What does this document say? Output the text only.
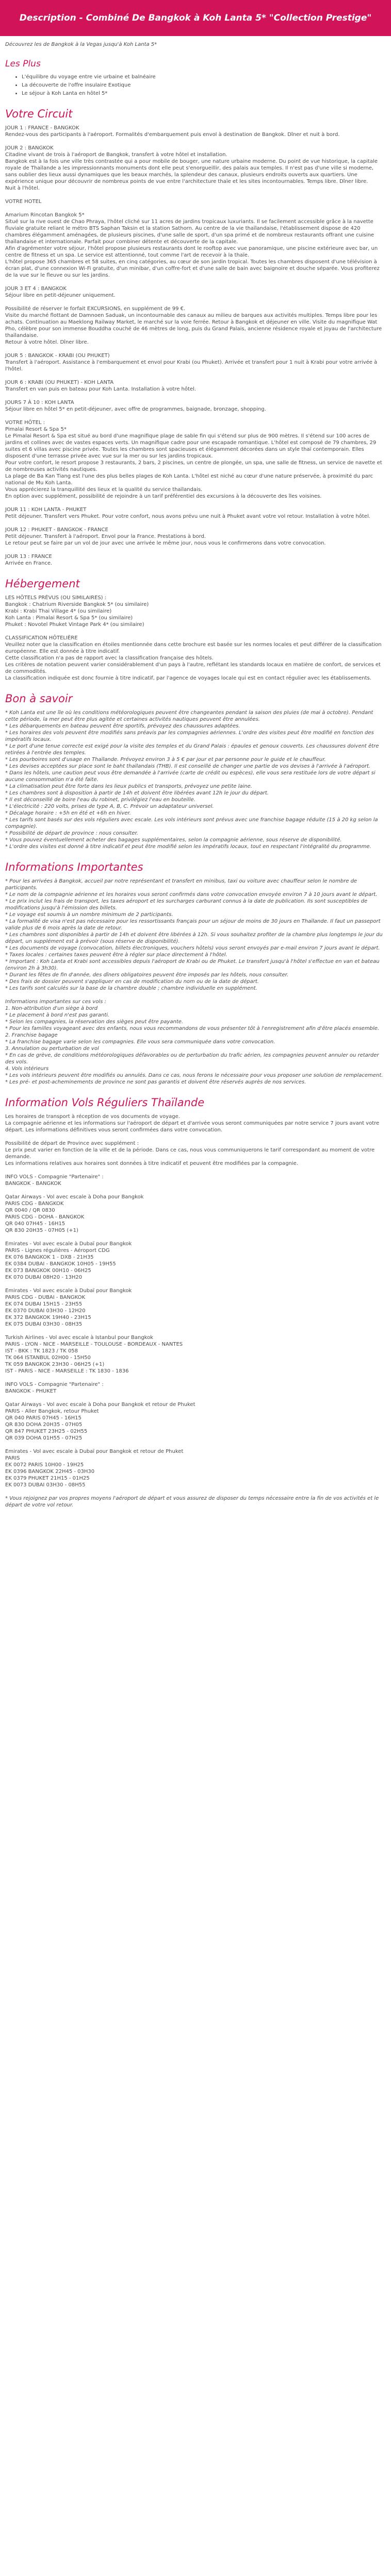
Description - Combiné De Bangkok à Koh Lanta 5* "Collection Prestige"

Découvrez les de Bangkok à la Vegas jusqu'à Koh Lanta 5*

Les Plus
• L'équilibre du voyage entre vie urbaine et balnéaire
• La découverte de l'offre insulaire Exotique
• Le séjour à Koh Lanta en hôtel 5*
Votre Circuit

JOUR 1 : FRANCE - BANGKOK
Rendez-vous des participants à l'aéroport. Formalités d'embarquement puis envol à destination de Bangkok. Dîner et nuit à bord.

JOUR 2 : BANGKOK
Citadine vivant de trois à l'aéroport de Bangkok, transfert à votre hôtel et installation.
Bangkok est à la fois une ville très contrastée qui a pour mobile de bouger, une nature urbaine moderne. Du point de vue historique, la capitale royale de Thaïlande a les impressionnants monuments dont elle peut s'enorgueillir, des palais aux temples. Il n'est pas d'une ville si moderne, sans oublier des lieux aussi dynamiques que les beaux marchés, la splendeur des canaux, plusieurs endroits ouverts aux quartiers. Une expérience unique pour découvrir de nombreux points de vue entre l'architecture thaïe et les sites incontournables. Temps libre. Dîner libre.
Nuit à l'hôtel.

VOTRE HOTEL

Amarium Rincotan Bangkok 5*
Situé sur la rive ouest de Chao Phraya, l'hôtel cliché sur 11 acres de jardins tropicaux luxuriants. Il se facilement accessible grâce à la navette fluviale gratuite reliant le métro BTS Saphan Taksin et la station Sathorn. Au centre de la vie thaïlandaise, l'établissement dispose de 420 chambres élégamment aménagées, de plusieurs piscines, d'une salle de sport, d'un spa primé et de nombreux restaurants offrant une cuisine thaïlandaise et internationale. Parfait pour combiner détente et découverte de la capitale.
Afin d'agrémenter votre séjour, l'hôtel propose plusieurs restaurants dont le rooftop avec vue panoramique, une piscine extérieure avec bar, un centre de fitness et un spa. Le service est attentionné, tout comme l'art de recevoir à la thaïe.
L'hôtel propose 365 chambres et 58 suites, en cinq catégories, au cœur de son jardin tropical. Toutes les chambres disposent d'une télévision à écran plat, d'une connexion Wi-Fi gratuite, d'un minibar, d'un coffre-fort et d'une salle de bain avec baignoire et douche séparée. Vous profiterez de la vue sur le fleuve ou sur les jardins.

JOUR 3 ET 4 : BANGKOK
Séjour libre en petit-déjeuner uniquement.

Possibilité de réserver le forfait EXCURSIONS, en supplément de 99 €.
Visite du marché flottant de Damnoen Saduak, un incontournable des canaux au milieu de barques aux activités multiples. Temps libre pour les achats. Continuation au Maeklong Railway Market, le marché sur la voie ferrée. Retour à Bangkok et déjeuner en ville. Visite du magnifique Wat Pho, célèbre pour son immense Bouddha couché de 46 mètres de long, puis du Grand Palais, ancienne résidence royale et joyau de l'architecture thaïlandaise.
Retour à votre hôtel. Dîner libre.

JOUR 5 : BANGKOK - KRABI (OU PHUKET)
Transfert à l'aéroport. Assistance à l'embarquement et envol pour Krabi (ou Phuket). Arrivée et transfert pour 1 nuit à Krabi pour votre arrivée à l'hôtel.

JOUR 6 : KRABI (OU PHUKET) - KOH LANTA
Transfert en van puis en bateau pour Koh Lanta. Installation à votre hôtel.

JOURS 7 À 10 : KOH LANTA
Séjour libre en hôtel 5* en petit-déjeuner, avec offre de programmes, baignade, bronzage, shopping.

VOTRE HÔTEL :
Pimalai Resort & Spa 5*
Le Pimalai Resort & Spa est situé au bord d'une magnifique plage de sable fin qui s'étend sur plus de 900 mètres. Il s'étend sur 100 acres de jardins et collines avec de vastes espaces verts. Un magnifique cadre pour une escapade romantique. L'hôtel est composé de 79 chambres, 29 suites et 6 villas avec piscine privée. Toutes les chambres sont spacieuses et élégamment décorées dans un style thaï contemporain. Elles disposent d'une terrasse privée avec vue sur la mer ou sur les jardins tropicaux.
Pour votre confort, le resort propose 3 restaurants, 2 bars, 2 piscines, un centre de plongée, un spa, une salle de fitness, un service de navette et de nombreuses activités nautiques.
La plage de Ba Kan Tiang est l'une des plus belles plages de Koh Lanta. L'hôtel est niché au cœur d'une nature préservée, à proximité du parc national de Mu Koh Lanta.
Vous apprécierez la tranquillité des lieux et la qualité du service thaïlandais.
En option avec supplément, possibilité de rejoindre à un tarif préférentiel des excursions à la découverte des îles voisines.

JOUR 11 : KOH LANTA - PHUKET
Petit déjeuner. Transfert vers Phuket. Pour votre confort, nous avons prévu une nuit à Phuket avant votre vol retour. Installation à votre hôtel.

JOUR 12 : PHUKET - BANGKOK - FRANCE
Petit déjeuner. Transfert à l'aéroport. Envol pour la France. Prestations à bord.
Le retour peut se faire par un vol de jour avec une arrivée le même jour, nous vous le confirmerons dans votre convocation.

JOUR 13 : FRANCE
Arrivée en France.

Hébergement

LES HÔTELS PRÉVUS (OU SIMILAIRES) :
Bangkok : Chatrium Riverside Bangkok 5* (ou similaire)
Krabi : Krabi Thai Village 4* (ou similaire)
Koh Lanta : Pimalai Resort & Spa 5* (ou similaire)
Phuket : Novotel Phuket Vintage Park 4* (ou similaire)

CLASSIFICATION HÔTELIÈRE
Veuillez noter que la classification en étoiles mentionnée dans cette brochure est basée sur les normes locales et peut différer de la classification européenne. Elle est donnée à titre indicatif.
Cette classification n'a pas de rapport avec la classification française des hôtels.
Les critères de notation peuvent varier considérablement d'un pays à l'autre, reflétant les standards locaux en matière de confort, de services et de commodités.
La classification indiquée est donc fournie à titre indicatif, par l'agence de voyages locale qui est en contact régulier avec les établissements.

Bon à savoir

* Koh Lanta est une île où les conditions météorologiques peuvent être changeantes pendant la saison des pluies (de mai à octobre). Pendant cette période, la mer peut être plus agitée et certaines activités nautiques peuvent être annulées.
* Les débarquements en bateau peuvent être sportifs, prévoyez des chaussures adaptées.
* Les horaires des vols peuvent être modifiés sans préavis par les compagnies aériennes. L'ordre des visites peut être modifié en fonction des impératifs locaux.
* Le port d'une tenue correcte est exigé pour la visite des temples et du Grand Palais : épaules et genoux couverts. Les chaussures doivent être retirées à l'entrée des temples.
* Les pourboires sont d'usage en Thaïlande. Prévoyez environ 3 à 5 € par jour et par personne pour le guide et le chauffeur.
* Les devises acceptées sur place sont le baht thaïlandais (THB). Il est conseillé de changer une partie de vos devises à l'arrivée à l'aéroport.
* Dans les hôtels, une caution peut vous être demandée à l'arrivée (carte de crédit ou espèces), elle vous sera restituée lors de votre départ si aucune consommation n'a été faite.
* La climatisation peut être forte dans les lieux publics et transports, prévoyez une petite laine.
* Les chambres sont à disposition à partir de 14h et doivent être libérées avant 12h le jour du départ.
* Il est déconseillé de boire l'eau du robinet, privilégiez l'eau en bouteille.
* L'électricité : 220 volts, prises de type A, B, C. Prévoir un adaptateur universel.
* Décalage horaire : +5h en été et +6h en hiver.
* Les tarifs sont basés sur des vols réguliers avec escale. Les vols intérieurs sont prévus avec une franchise bagage réduite (15 à 20 kg selon la compagnie).
* Possibilité de départ de province : nous consulter.
* Vous pouvez éventuellement acheter des bagages supplémentaires, selon la compagnie aérienne, sous réserve de disponibilité.
* L'ordre des visites est donné à titre indicatif et peut être modifié selon les impératifs locaux, tout en respectant l'intégralité du programme.

Informations Importantes

* Pour les arrivées à Bangkok, accueil par notre représentant et transfert en minibus, taxi ou voiture avec chauffeur selon le nombre de participants.
* Le nom de la compagnie aérienne et les horaires vous seront confirmés dans votre convocation envoyée environ 7 à 10 jours avant le départ.
* Le prix inclut les frais de transport, les taxes aéroport et les surcharges carburant connus à la date de publication. Ils sont susceptibles de modifications jusqu'à l'émission des billets.
* Le voyage est soumis à un nombre minimum de 2 participants.
* La formalité de visa n'est pas nécessaire pour les ressortissants français pour un séjour de moins de 30 jours en Thaïlande. Il faut un passeport valide plus de 6 mois après la date de retour.
* Les chambres sont disponibles à partir de 14h et doivent être libérées à 12h. Si vous souhaitez profiter de la chambre plus longtemps le jour du départ, un supplément est à prévoir (sous réserve de disponibilité).
* Les documents de voyage (convocation, billets électroniques, vouchers hôtels) vous seront envoyés par e-mail environ 7 jours avant le départ.
* Taxes locales : certaines taxes peuvent être à régler sur place directement à l'hôtel.
* Important : Koh Lanta et Krabi sont accessibles depuis l'aéroport de Krabi ou de Phuket. Le transfert jusqu'à l'hôtel s'effectue en van et bateau (environ 2h à 3h30).
* Durant les fêtes de fin d'année, des dîners obligatoires peuvent être imposés par les hôtels, nous consulter.
* Des frais de dossier peuvent s'appliquer en cas de modification du nom ou de la date de départ.
* Les tarifs sont calculés sur la base de la chambre double ; chambre individuelle en supplément.

Informations importantes sur ces vols :
1. Non-attribution d'un siège à bord
* Le placement à bord n'est pas garanti.
* Selon les compagnies, la réservation des sièges peut être payante.
* Pour les familles voyageant avec des enfants, nous vous recommandons de vous présenter tôt à l'enregistrement afin d'être placés ensemble.
2. Franchise bagage
* La franchise bagage varie selon les compagnies. Elle vous sera communiquée dans votre convocation.
3. Annulation ou perturbation de vol
* En cas de grève, de conditions météorologiques défavorables ou de perturbation du trafic aérien, les compagnies peuvent annuler ou retarder des vols.
4. Vols intérieurs
* Les vols intérieurs peuvent être modifiés ou annulés. Dans ce cas, nous ferons le nécessaire pour vous proposer une solution de remplacement.
* Les pré- et post-acheminements de province ne sont pas garantis et doivent être réservés auprès de nos services.

Information Vols Réguliers Thaïlande

Les horaires de transport à réception de vos documents de voyage.
La compagnie aérienne et les informations sur l'aéroport de départ et d'arrivée vous seront communiquées par notre service 7 jours avant votre départ. Les informations définitives vous seront confirmées dans votre convocation.

Possibilité de départ de Province avec supplément :
Le prix peut varier en fonction de la ville et de la période. Dans ce cas, nous vous communiquerons le tarif correspondant au moment de votre demande.
Les informations relatives aux horaires sont données à titre indicatif et peuvent être modifiées par la compagnie.

INFO VOLS - Compagnie "Partenaire" :
BANGKOK - BANGKOK

Qatar Airways - Vol avec escale à Doha pour Bangkok
PARIS CDG - BANGKOK
QR 0040 / QR 0830
PARIS CDG - DOHA - BANGKOK
QR 040 07H45 - 16H15
QR 830 20H35 - 07H05 (+1)

Emirates - Vol avec escale à Dubaï pour Bangkok
PARIS - Lignes régulières - Aéroport CDG
EK 076 BANGKOK 1 - DXB - 21H35
EK 0384 DUBAI - BANGKOK 10H05 - 19H55
EK 073 BANGKOK 00H10 - 06H25
EK 070 DUBAI 08H20 - 13H20

Emirates - Vol avec escale à Dubaï pour Bangkok
PARIS CDG - DUBAI - BANGKOK
EK 074 DUBAI 15H15 - 23H55
EK 0370 DUBAI 03H30 - 12H20
EK 372 BANGKOK 19H40 - 23H15
EK 075 DUBAI 03H30 - 08H35

Turkish Airlines - Vol avec escale à Istanbul pour Bangkok
PARIS - LYON - NICE - MARSEILLE - TOULOUSE - BORDEAUX - NANTES
IST - BKK : TK 1823 / TK 058
TK 064 ISTANBUL 02H00 - 15H50
TK 059 BANGKOK 23H30 - 06H25 (+1)
IST - PARIS - NICE - MARSEILLE : TK 1830 - 1836

INFO VOLS - Compagnie "Partenaire" :
BANGKOK - PHUKET

Qatar Airways - Vol avec escale à Doha pour Bangkok et retour de Phuket
PARIS - Aller Bangkok, retour Phuket
QR 040 PARIS 07H45 - 16H15
QR 830 DOHA 20H35 - 07H05
QR 847 PHUKET 23H25 - 02H55
QR 039 DOHA 01H55 - 07H25

Emirates - Vol avec escale à Dubaï pour Bangkok et retour de Phuket
PARIS
EK 0072 PARIS 10H00 - 19H25
EK 0396 BANGKOK 22H45 - 03H30
EK 0379 PHUKET 21H15 - 01H25
EK 0073 DUBAI 03H30 - 08H55

* Vous rejoignez par vos propres moyens l'aéroport de départ et vous assurez de disposer du temps nécessaire entre la fin de vos activités et le départ de votre vol retour.
